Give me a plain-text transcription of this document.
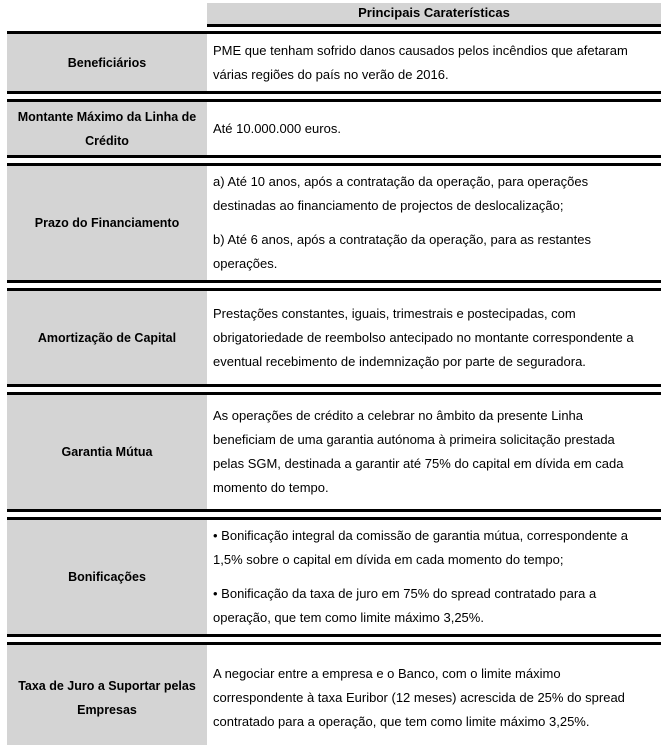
Principais Caraterísticas
Beneficiários

PME que tenham sofrido danos causados pelos incêndios que afetaram várias regiões do país no verão de 2016.

Montante Máximo da Linha de Crédito

Até 10.000.000 euros.

Prazo do Financiamento

a) Até 10 anos, após a contratação da operação, para operações destinadas ao financiamento de projectos de deslocalização;

b) Até 6 anos, após a contratação da operação, para as restantes operações.

Amortização de Capital

Prestações constantes, iguais, trimestrais e postecipadas, com obrigatoriedade de reembolso antecipado no montante correspondente a eventual recebimento de indemnização por parte de seguradora.

Garantia Mútua

As operações de crédito a celebrar no âmbito da presente Linha beneficiam de uma garantia autónoma à primeira solicitação prestada pelas SGM, destinada a garantir até 75% do capital em dívida em cada momento do tempo.

Bonificações

• Bonificação integral da comissão de garantia mútua, correspondente a 1,5% sobre o capital em dívida em cada momento do tempo;

• Bonificação da taxa de juro em 75% do spread contratado para a operação, que tem como limite máximo 3,25%.

Taxa de Juro a Suportar pelas Empresas

A negociar entre a empresa e o Banco, com o limite máximo correspondente à taxa Euribor (12 meses) acrescida de 25% do spread contratado para a operação, que tem como limite máximo 3,25%.
